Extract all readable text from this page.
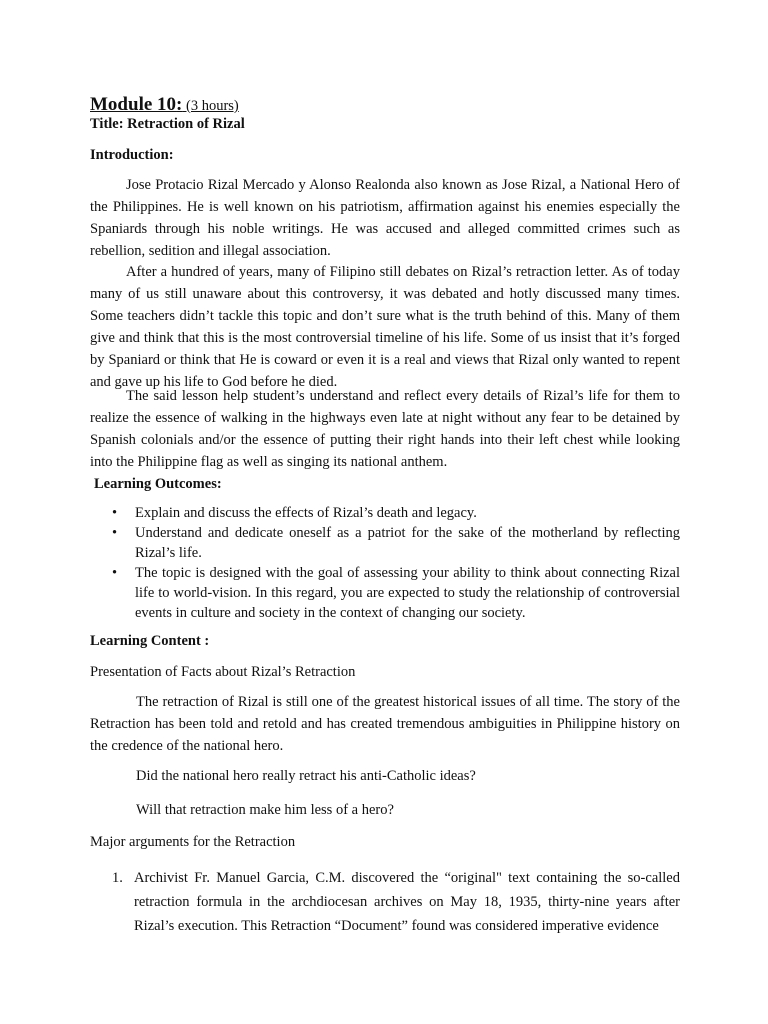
Module 10: (3 hours)
Title: Retraction of Rizal
Introduction:
Jose Protacio Rizal Mercado y Alonso Realonda also known as Jose Rizal, a National Hero of the Philippines. He is well known on his patriotism, affirmation against his enemies especially the Spaniards through his noble writings. He was accused and alleged committed crimes such as rebellion, sedition and illegal association.
After a hundred of years, many of Filipino still debates on Rizal’s retraction letter. As of today many of us still unaware about this controversy, it was debated and hotly discussed many times. Some teachers didn’t tackle this topic and don’t sure what is the truth behind of this. Many of them give and think that this is the most controversial timeline of his life. Some of us insist that it’s forged by Spaniard or think that He is coward or even it is a real and views that Rizal only wanted to repent and gave up his life to God before he died.
The said lesson help student’s understand and reflect every details of Rizal’s life for them to realize the essence of walking in the highways even late at night without any fear to be detained by Spanish colonials and/or the essence of putting their right hands into their left chest while looking into the Philippine flag as well as singing its national anthem.
Learning Outcomes:
• Explain and discuss the effects of Rizal’s death and legacy.
• Understand and dedicate oneself as a patriot for the sake of the motherland by reflecting Rizal’s life.
• The topic is designed with the goal of assessing your ability to think about connecting Rizal life to world-vision. In this regard, you are expected to study the relationship of controversial events in culture and society in the context of changing our society.
Learning Content :
Presentation of Facts about Rizal’s Retraction
The retraction of Rizal is still one of the greatest historical issues of all time. The story of the Retraction has been told and retold and has created tremendous ambiguities in Philippine history on the credence of the national hero.
Did the national hero really retract his anti-Catholic ideas?
Will that retraction make him less of a hero?
Major arguments for the Retraction
1. Archivist Fr. Manuel Garcia, C.M. discovered the “original" text containing the so-called retraction formula in the archdiocesan archives on May 18, 1935, thirty-nine years after Rizal’s execution. This Retraction “Document” found was considered imperative evidence
